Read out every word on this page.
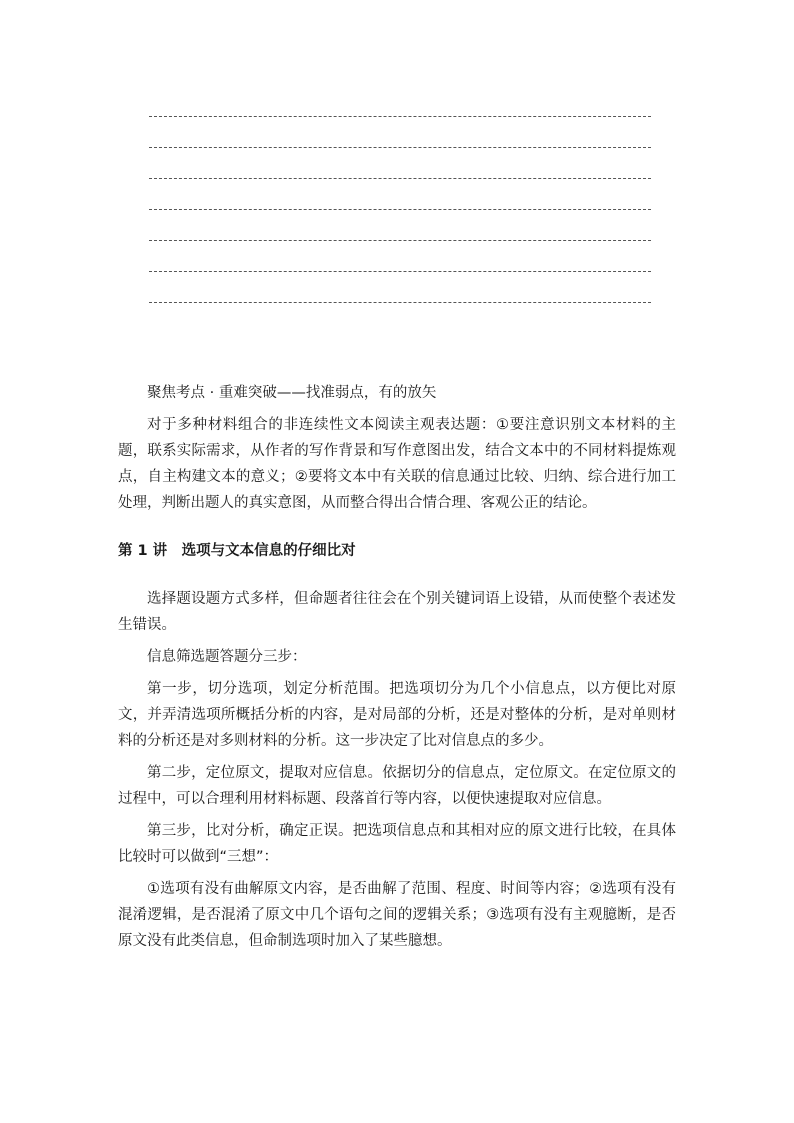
聚焦考点 · 重难突破——找准弱点，有的放矢

对于多种材料组合的非连续性文本阅读主观表达题：①要注意识别文本材料的主题，联系实际需求，从作者的写作背景和写作意图出发，结合文本中的不同材料提炼观点，自主构建文本的意义；②要将文本中有关联的信息通过比较、归纳、综合进行加工处理，判断出题人的真实意图，从而整合得出合情合理、客观公正的结论。

第 1 讲　选项与文本信息的仔细比对

选择题设题方式多样，但命题者往往会在个别关键词语上设错，从而使整个表述发生错误。

信息筛选题答题分三步：

第一步，切分选项，划定分析范围。把选项切分为几个小信息点，以方便比对原文，并弄清选项所概括分析的内容，是对局部的分析，还是对整体的分析，是对单则材料的分析还是对多则材料的分析。这一步决定了比对信息点的多少。

第二步，定位原文，提取对应信息。依据切分的信息点，定位原文。在定位原文的过程中，可以合理利用材料标题、段落首行等内容，以便快速提取对应信息。

第三步，比对分析，确定正误。把选项信息点和其相对应的原文进行比较，在具体比较时可以做到“三想”：

①选项有没有曲解原文内容，是否曲解了范围、程度、时间等内容；②选项有没有混淆逻辑，是否混淆了原文中几个语句之间的逻辑关系；③选项有没有主观臆断，是否原文没有此类信息，但命制选项时加入了某些臆想。
